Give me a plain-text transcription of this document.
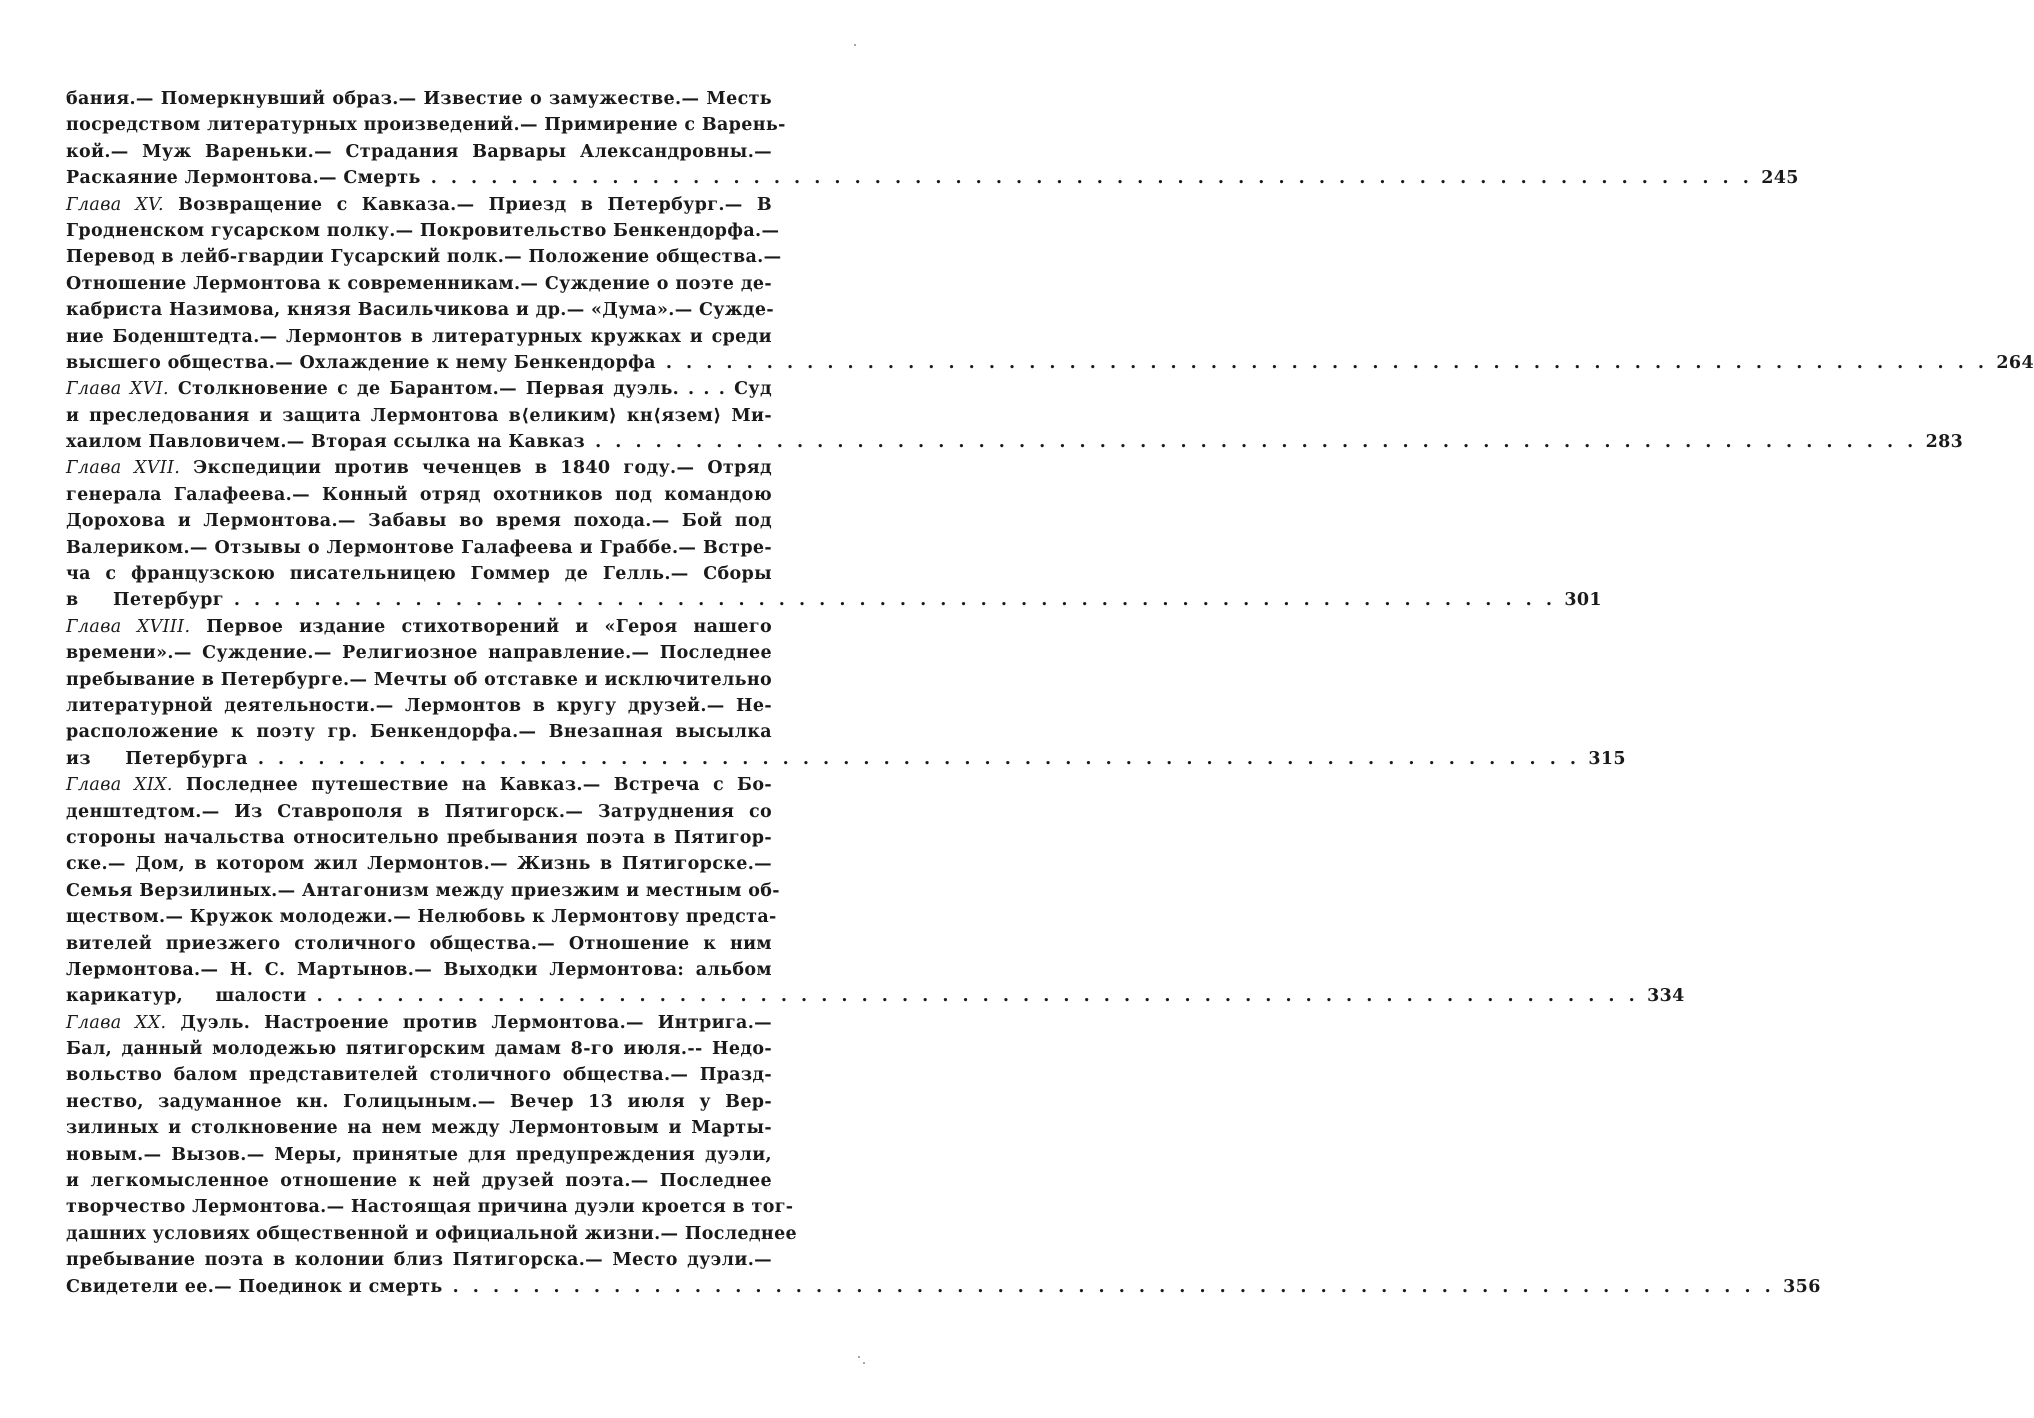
бания.— Померкнувший образ.— Известие о замужестве.— Месть
посредством литературных произведений.— Примирение с Варень-
кой.— Муж Вареньки.— Страдания Варвары Александровны.—
Раскаяние Лермонтова.— Смерть . . . . . . . . . . . . . . . . . . . . . . . . . . . . . . . . . . . . . . . . . . . . . . . . . . . . . . . . . . . . . . . . . . 245
Глава XV. Возвращение с Кавказа.— Приезд в Петербург.— В
Гродненском гусарском полку.— Покровительство Бенкендорфа.—
Перевод в лейб-гвардии Гусарский полк.— Положение общества.—
Отношение Лермонтова к современникам.— Суждение о поэте де-
кабриста Назимова, князя Васильчикова и др.— «Дума».— Сужде-
ние Боденштедта.— Лермонтов в литературных кружках и среди
высшего общества.— Охлаждение к нему Бенкендорфа . . . . . . . . . . . . . . . . . . . . . . . . . . . . . . . . . . . . . . . . . . . . . . . . . . . . . . . . . . . . . . . . . . 264
Глава XVI. Столкновение с де Барантом.— Первая дуэль. . . . Суд
и преследования и защита Лермонтова в⟨еликим⟩ кн⟨язем⟩ Ми-
хаилом Павловичем.— Вторая ссылка на Кавказ . . . . . . . . . . . . . . . . . . . . . . . . . . . . . . . . . . . . . . . . . . . . . . . . . . . . . . . . . . . . . . . . . . 283
Глава XVII. Экспедиции против чеченцев в 1840 году.— Отряд
генерала Галафеева.— Конный отряд охотников под командою
Дорохова и Лермонтова.— Забавы во время похода.— Бой под
Валериком.— Отзывы о Лермонтове Галафеева и Граббе.— Встре-
ча с французскою писательницею Гоммер де Гелль.— Сборы
в Петербург . . . . . . . . . . . . . . . . . . . . . . . . . . . . . . . . . . . . . . . . . . . . . . . . . . . . . . . . . . . . . . . . . . 301
Глава XVIII. Первое издание стихотворений и «Героя нашего
времени».— Суждение.— Религиозное направление.— Последнее
пребывание в Петербурге.— Мечты об отставке и исключительно
литературной деятельности.— Лермонтов в кругу друзей.— Не-
расположение к поэту гр. Бенкендорфа.— Внезапная высылка
из Петербурга . . . . . . . . . . . . . . . . . . . . . . . . . . . . . . . . . . . . . . . . . . . . . . . . . . . . . . . . . . . . . . . . . . 315
Глава XIX. Последнее путешествие на Кавказ.— Встреча с Бо-
денштедтом.— Из Ставрополя в Пятигорск.— Затруднения со
стороны начальства относительно пребывания поэта в Пятигор-
ске.— Дом, в котором жил Лермонтов.— Жизнь в Пятигорске.—
Семья Верзилиных.— Антагонизм между приезжим и местным об-
ществом.— Кружок молодежи.— Нелюбовь к Лермонтову предста-
вителей приезжего столичного общества.— Отношение к ним
Лермонтова.— Н. С. Мартынов.— Выходки Лермонтова: альбом
карикатур, шалости . . . . . . . . . . . . . . . . . . . . . . . . . . . . . . . . . . . . . . . . . . . . . . . . . . . . . . . . . . . . . . . . . . 334
Глава XX. Дуэль. Настроение против Лермонтова.— Интрига.—
Бал, данный молодежью пятигорским дамам 8-го июля.-- Недо-
вольство балом представителей столичного общества.— Празд-
нество, задуманное кн. Голицыным.— Вечер 13 июля у Вер-
зилиных и столкновение на нем между Лермонтовым и Марты-
новым.— Вызов.— Меры, принятые для предупреждения дуэли,
и легкомысленное отношение к ней друзей поэта.— Последнее
творчество Лермонтова.— Настоящая причина дуэли кроется в тог-
дашних условиях общественной и официальной жизни.— Последнее
пребывание поэта в колонии близ Пятигорска.— Место дуэли.—
Свидетели ее.— Поединок и смерть . . . . . . . . . . . . . . . . . . . . . . . . . . . . . . . . . . . . . . . . . . . . . . . . . . . . . . . . . . . . . . . . . . 356
